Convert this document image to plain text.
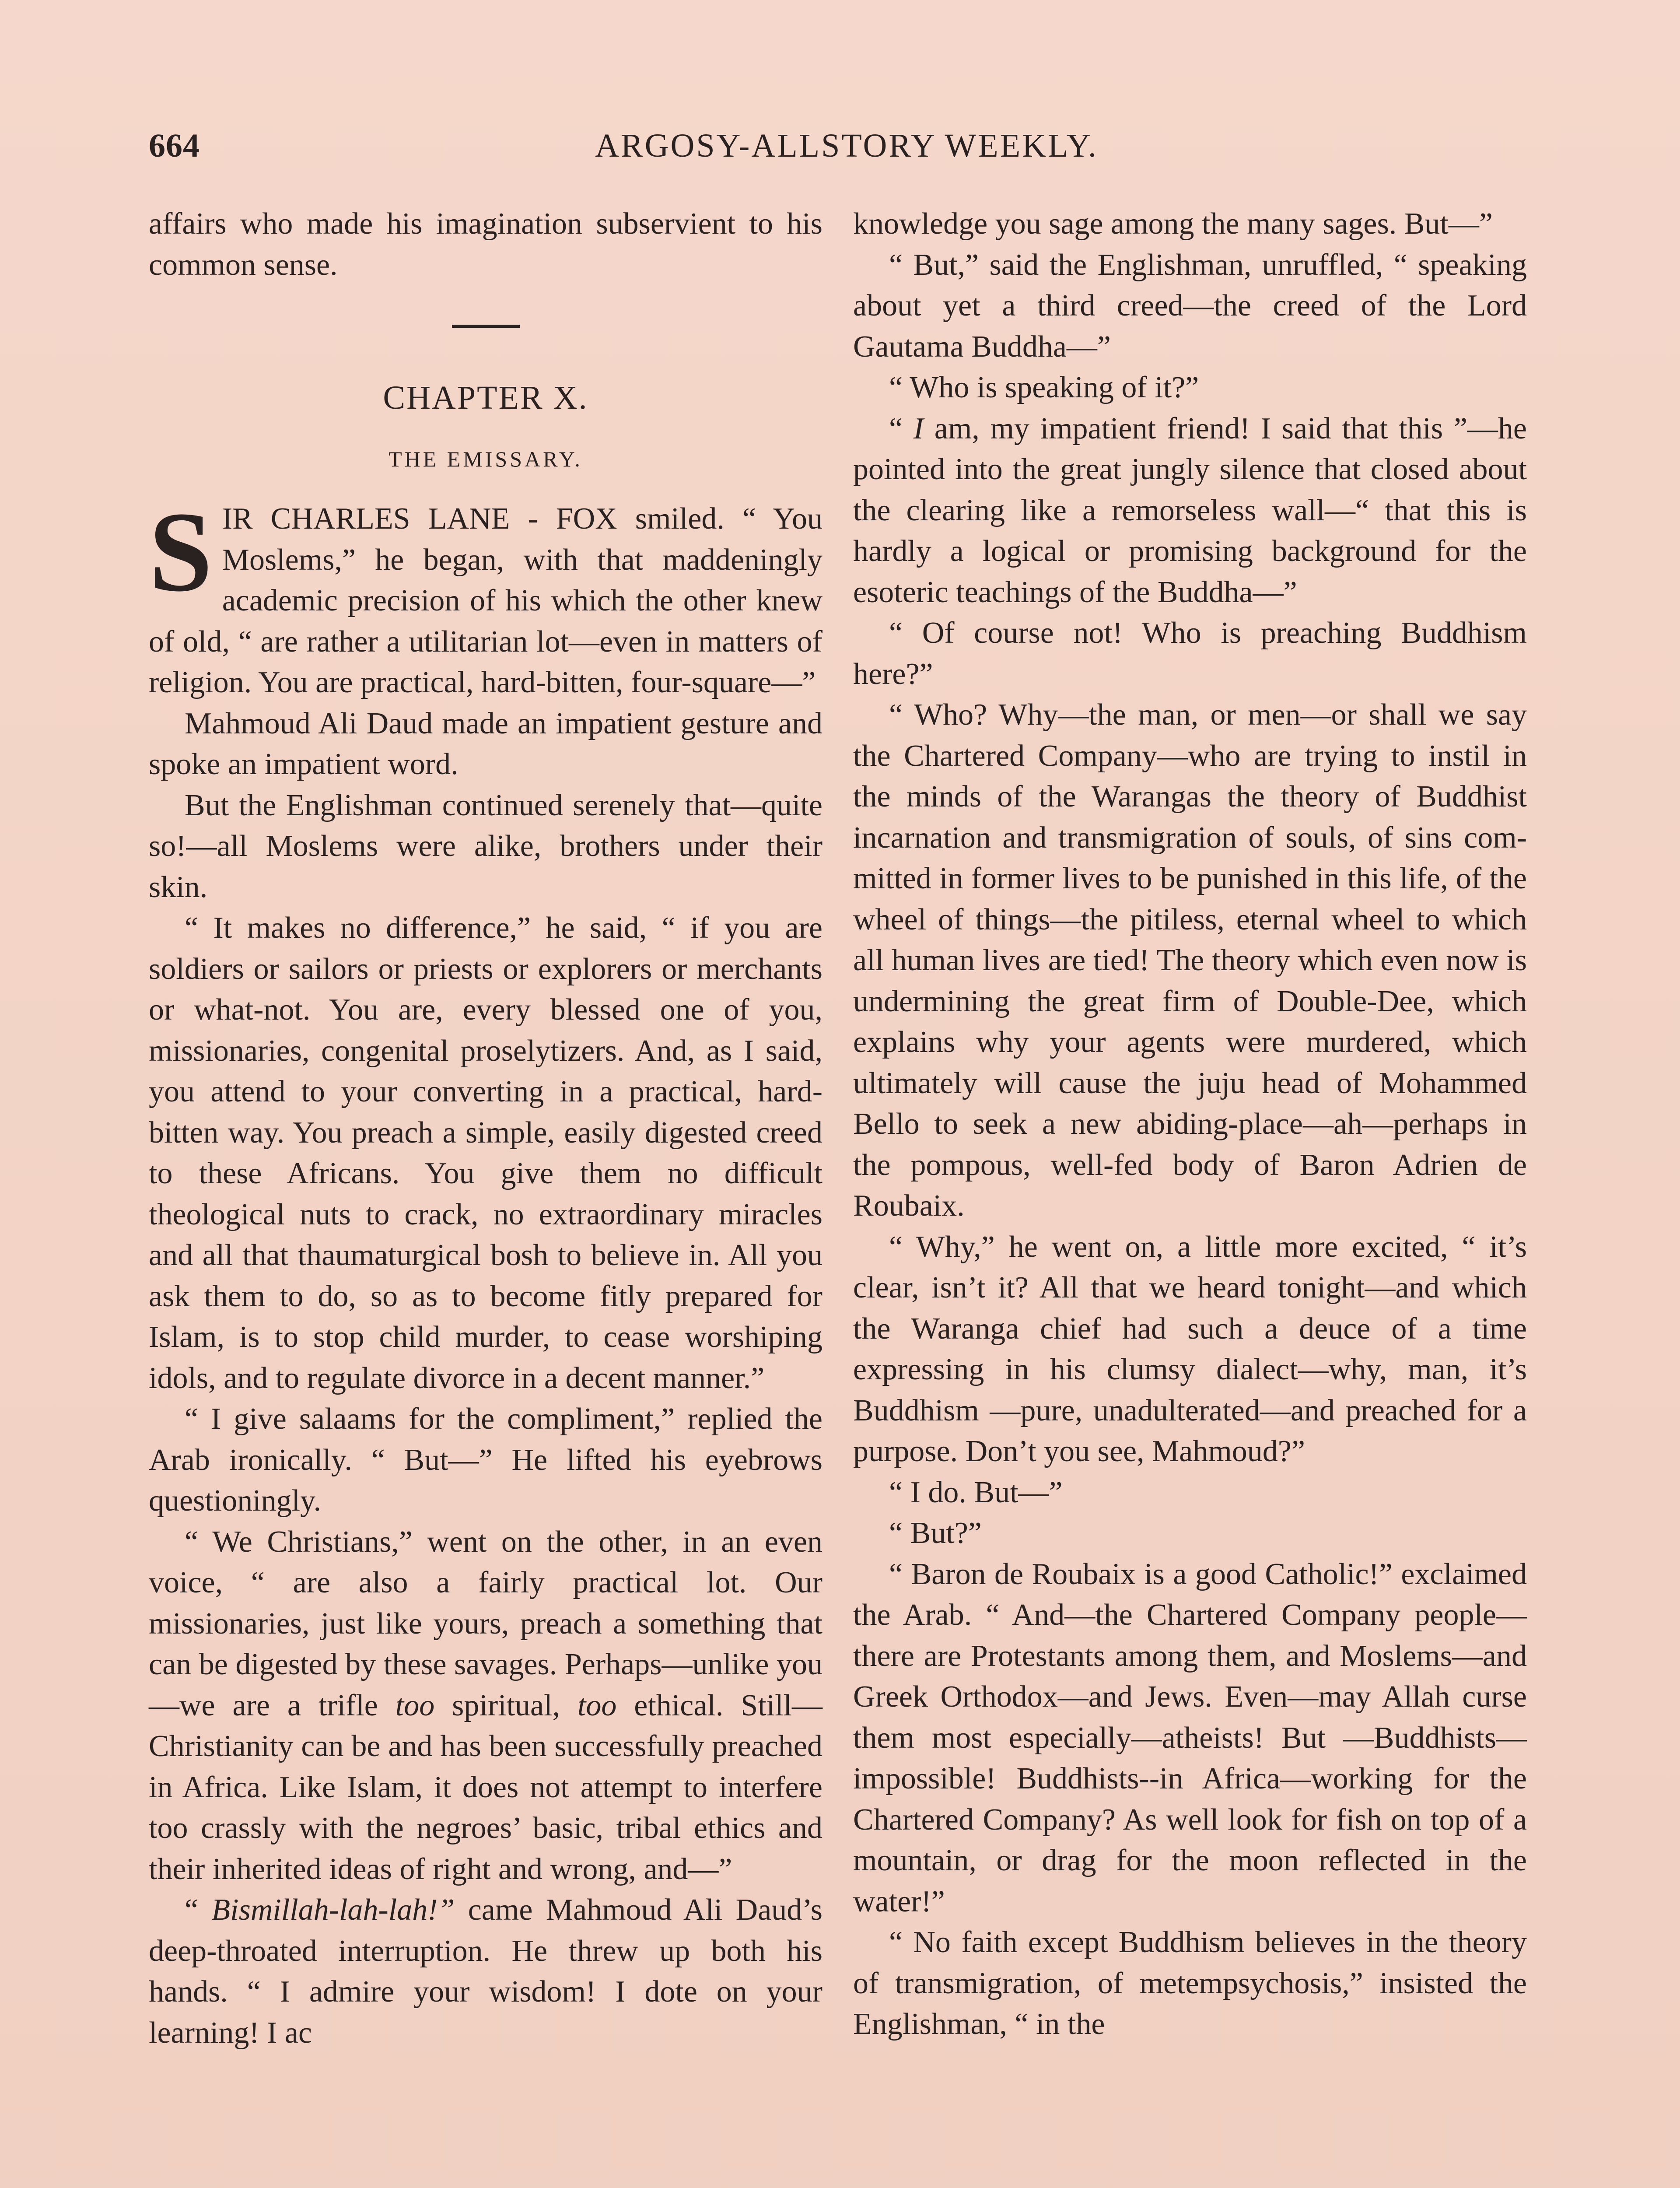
664	ARGOSY-ALLSTORY WEEKLY.

affairs who made his imagination subservient to his common sense.

CHAPTER X.
THE EMISSARY.

SIR CHARLES LANE - FOX smiled. “ You Moslems,” he began, with that maddeningly academic precision of his which the other knew of old, “ are rather a utilitarian lot—even in matters of religion. You are practical, hard-bitten, four-square—”

Mahmoud Ali Daud made an impatient gesture and spoke an impatient word.

But the Englishman continued serenely that—quite so!—all Moslems were alike, brothers under their skin.

“ It makes no difference,” he said, “ if you are soldiers or sailors or priests or explorers or merchants or what-not. You are, every blessed one of you, missionaries, congenital proselytizers. And, as I said, you attend to your converting in a practical, hard-bitten way. You preach a simple, easily digested creed to these Africans. You give them no difficult theological nuts to crack, no extraordinary miracles and all that thaumaturgical bosh to believe in. All you ask them to do, so as to become fitly prepared for Islam, is to stop child murder, to cease worshiping idols, and to regulate divorce in a decent manner.”

“ I give salaams for the compliment,” replied the Arab ironically. “ But—” He lifted his eyebrows questioningly.

“ We Christians,” went on the other, in an even voice, “ are also a fairly practical lot. Our missionaries, just like yours, preach a something that can be digested by these savages. Perhaps—unlike you—we are a trifle too spiritual, too ethical. Still—Christianity can be and has been successfully preached in Africa. Like Islam, it does not attempt to interfere too crassly with the negroes’ basic, tribal ethics and their inherited ideas of right and wrong, and—”

“ Bismillah-lah-lah!” came Mahmoud Ali Daud’s deep-throated interruption. He threw up both his hands. “ I admire your wisdom! I dote on your learning! I ac

knowledge you sage among the many sages. But—”

“ But,” said the Englishman, unruffled, “ speaking about yet a third creed—the creed of the Lord Gautama Buddha—”

“ Who is speaking of it?”

“ I am, my impatient friend! I said that this ”—he pointed into the great jungly silence that closed about the clearing like a remorseless wall—“ that this is hardly a logical or promising background for the esoteric teachings of the Buddha—”

“ Of course not! Who is preaching Buddhism here?”

“ Who? Why—the man, or men—or shall we say the Chartered Company—who are trying to instil in the minds of the Warangas the theory of Buddhist incarnation and transmigration of souls, of sins committed in former lives to be punished in this life, of the wheel of things—the pitiless, eternal wheel to which all human lives are tied! The theory which even now is undermining the great firm of Double-Dee, which explains why your agents were murdered, which ultimately will cause the juju head of Mohammed Bello to seek a new abiding-place—ah—perhaps in the pompous, well-fed body of Baron Adrien de Roubaix.

“ Why,” he went on, a little more excited, “ it’s clear, isn’t it? All that we heard tonight—and which the Waranga chief had such a deuce of a time expressing in his clumsy dialect—why, man, it’s Buddhism —pure, unadulterated—and preached for a purpose. Don’t you see, Mahmoud?”

“ I do. But—”

“ But?”

“ Baron de Roubaix is a good Catholic!” exclaimed the Arab. “ And—the Chartered Company people—there are Protestants among them, and Moslems—and Greek Orthodox—and Jews. Even—may Allah curse them most especially—atheists! But —Buddhists—impossible! Buddhists--in Africa—working for the Chartered Company? As well look for fish on top of a mountain, or drag for the moon reflected in the water!”

“ No faith except Buddhism believes in the theory of transmigration, of metempsychosis,” insisted the Englishman, “ in the
